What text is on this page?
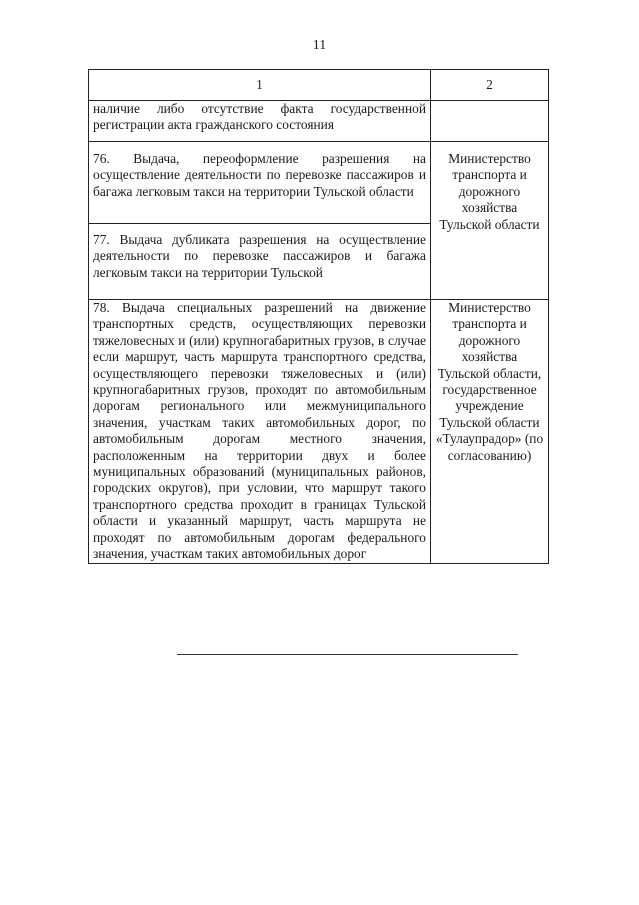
11
1	2
наличие либо отсутствие факта государственной регистрации акта гражданского состояния	
76. Выдача, переоформление разрешения на осуществление деятельности по перевозке пассажиров и багажа легковым такси на территории Тульской области	Министерство транспорта и дорожного хозяйства Тульской области
77. Выдача дубликата разрешения на осуществление деятельности по перевозке пассажиров и багажа легковым такси на территории Тульской	
78. Выдача специальных разрешений на движение транспортных средств, осуществляющих перевозки тяжеловесных и (или) крупногабаритных грузов, в случае если маршрут, часть маршрута транспортного средства, осуществляющего перевозки тяжеловесных и (или) крупногабаритных грузов, проходят по автомобильным дорогам регионального или межмуниципального значения, участкам таких автомобильных дорог, по автомобильным дорогам местного значения, расположенным на территории двух и более муниципальных образований (муниципальных районов, городских округов), при условии, что маршрут такого транспортного средства проходит в границах Тульской области и указанный маршрут, часть маршрута не проходят по автомобильным дорогам федерального значения, участкам таких автомобильных дорог	Министерство транспорта и дорожного хозяйства Тульской области, государственное учреждение Тульской области «Тулаупрадор» (по согласованию)
